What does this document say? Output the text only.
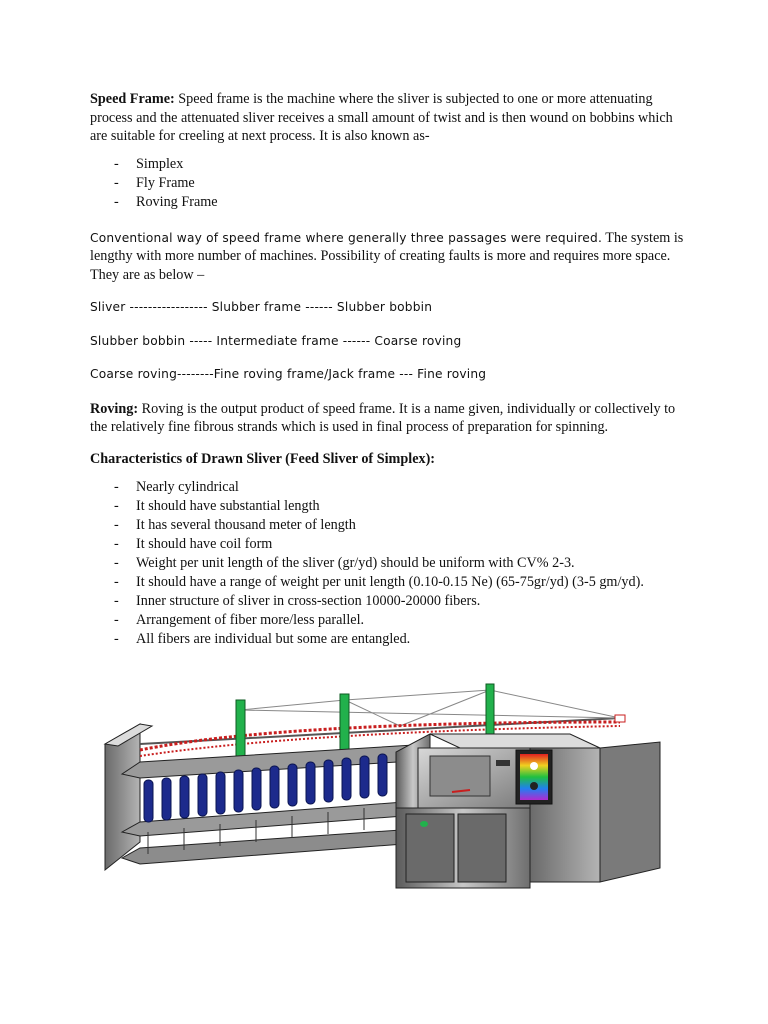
Speed Frame: Speed frame is the machine where the sliver is subjected to one or more attenuating process and the attenuated sliver receives a small amount of twist and is then wound on bobbins which are suitable for creeling at next process. It is also known as-

- Simplex
- Fly Frame
- Roving Frame

Conventional way of speed frame where generally three passages were required. The system is lengthy with more number of machines. Possibility of creating faults is more and requires more space. They are as below –

Sliver ----------------- Slubber frame ------ Slubber bobbin

Slubber bobbin ----- Intermediate frame ------ Coarse roving

Coarse roving--------Fine roving frame/Jack frame --- Fine roving

Roving: Roving is the output product of speed frame. It is a name given, individually or collectively to the relatively fine fibrous strands which is used in final process of preparation for spinning.

Characteristics of Drawn Sliver (Feed Sliver of Simplex):

- Nearly cylindrical
- It should have substantial length
- It has several thousand meter of length
- It should have coil form
- Weight per unit length of the sliver (gr/yd) should be uniform with CV% 2-3.
- It should have a range of weight per unit length (0.10-0.15 Ne) (65-75gr/yd) (3-5 gm/yd).
- Inner structure of sliver in cross-section 10000-20000 fibers.
- Arrangement of fiber more/less parallel.
- All fibers are individual but some are entangled.
